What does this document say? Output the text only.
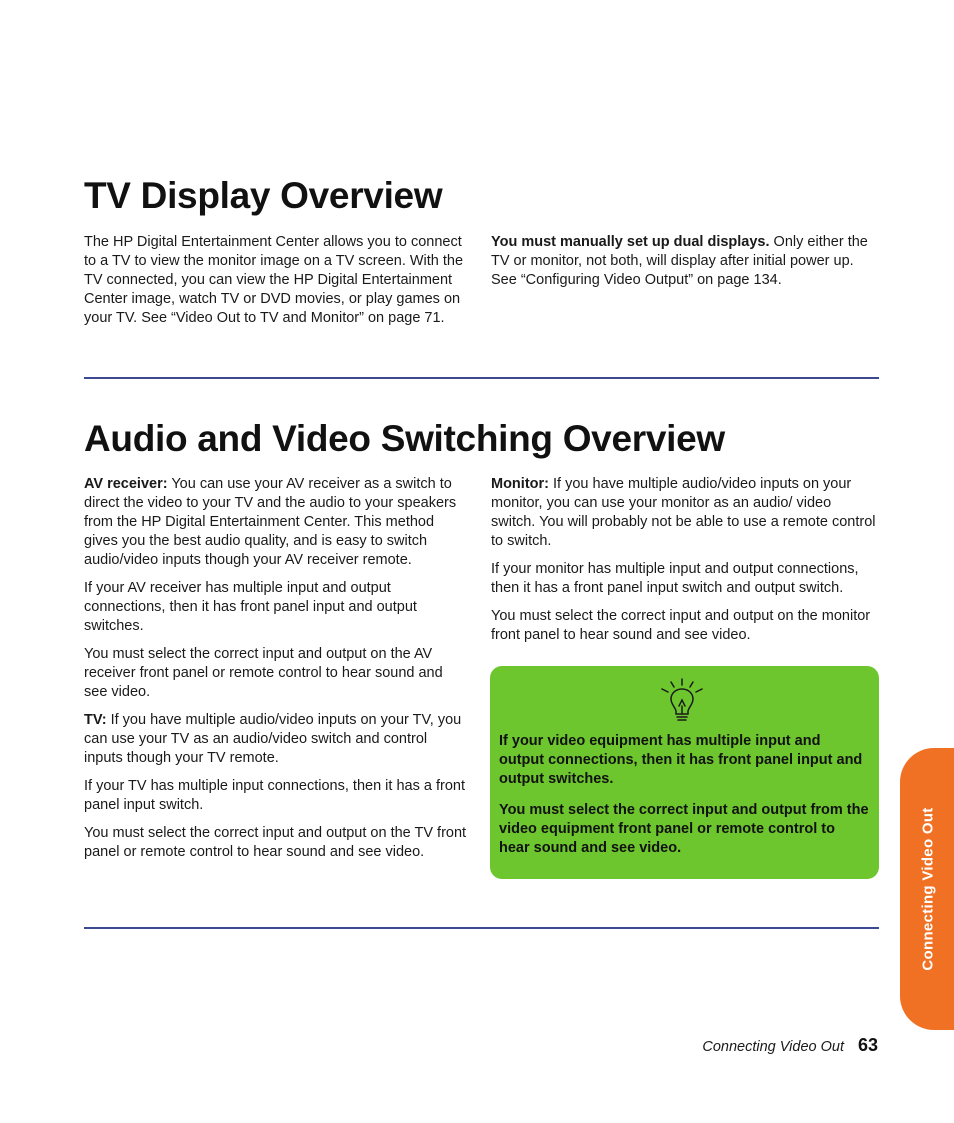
TV Display Overview

The HP Digital Entertainment Center allows you to connect to a TV to view the monitor image on a TV screen. With the TV connected, you can view the HP Digital Entertainment Center image, watch TV or DVD movies, or play games on your TV. See “Video Out to TV and Monitor” on page 71.

You must manually set up dual displays. Only either the TV or monitor, not both, will display after initial power up. See “Configuring Video Output” on page 134.

Audio and Video Switching Overview

AV receiver: You can use your AV receiver as a switch to direct the video to your TV and the audio to your speakers from the HP Digital Entertainment Center. This method gives you the best audio quality, and is easy to switch audio/video inputs though your AV receiver remote.

If your AV receiver has multiple input and output connections, then it has front panel input and output switches.

You must select the correct input and output on the AV receiver front panel or remote control to hear sound and see video.

TV: If you have multiple audio/video inputs on your TV, you can use your TV as an audio/video switch and control inputs though your TV remote.

If your TV has multiple input connections, then it has a front panel input switch.

You must select the correct input and output on the TV front panel or remote control to hear sound and see video.

Monitor: If you have multiple audio/video inputs on your monitor, you can use your monitor as an audio/ video switch. You will probably not be able to use a remote control to switch.

If your monitor has multiple input and output connections, then it has a front panel input switch and output switch.

You must select the correct input and output on the monitor front panel to hear sound and see video.

If your video equipment has multiple input and output connections, then it has front panel input and output switches.

You must select the correct input and output from the video equipment front panel or remote control to hear sound and see video.	Connecting Video Out
Connecting Video Out 63
